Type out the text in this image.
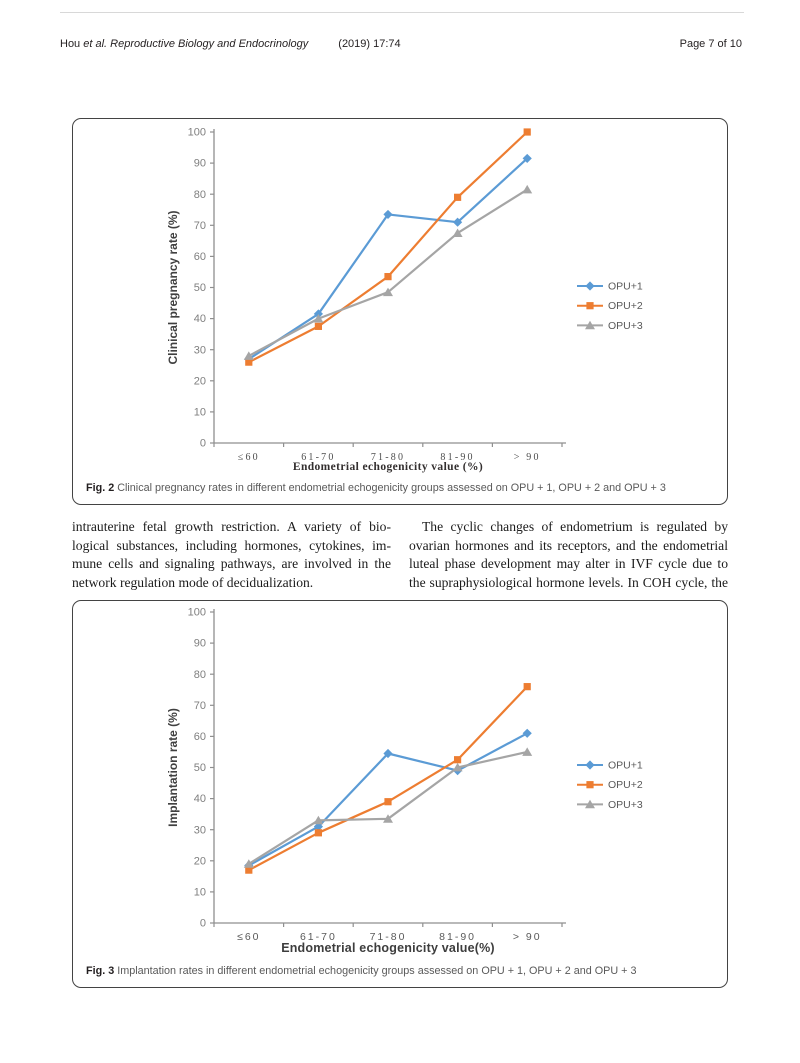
Hou et al. Reproductive Biology and Endocrinology	(2019) 17:74	Page 7 of 10
0
10
20
30
40
50
60
70
80
90
100
≤60	61-70	71-80	81-90	> 90
Clinical pregnancy rate (%)
Endometrial echogenicity value (%)
OPU+1
OPU+2
OPU+3
Fig. 2 Clinical pregnancy rates in different endometrial echogenicity groups assessed on OPU + 1, OPU + 2 and OPU + 3
intrauterine fetal growth restriction. A variety of bio-
logical substances, including hormones, cytokines, im-
mune cells and signaling pathways, are involved in the
network regulation mode of decidualization.
The cyclic changes of endometrium is regulated by
ovarian hormones and its receptors, and the endometrial
luteal phase development may alter in IVF cycle due to
the supraphysiological hormone levels. In COH cycle, the
0
10
20
30
40
50
60
70
80
90
100
≤60	61-70	71-80	81-90	> 90
Implantation rate (%)
Endometrial echogenicity value(%)
OPU+1
OPU+2
OPU+3
Fig. 3 Implantation rates in different endometrial echogenicity groups assessed on OPU + 1, OPU + 2 and OPU + 3
